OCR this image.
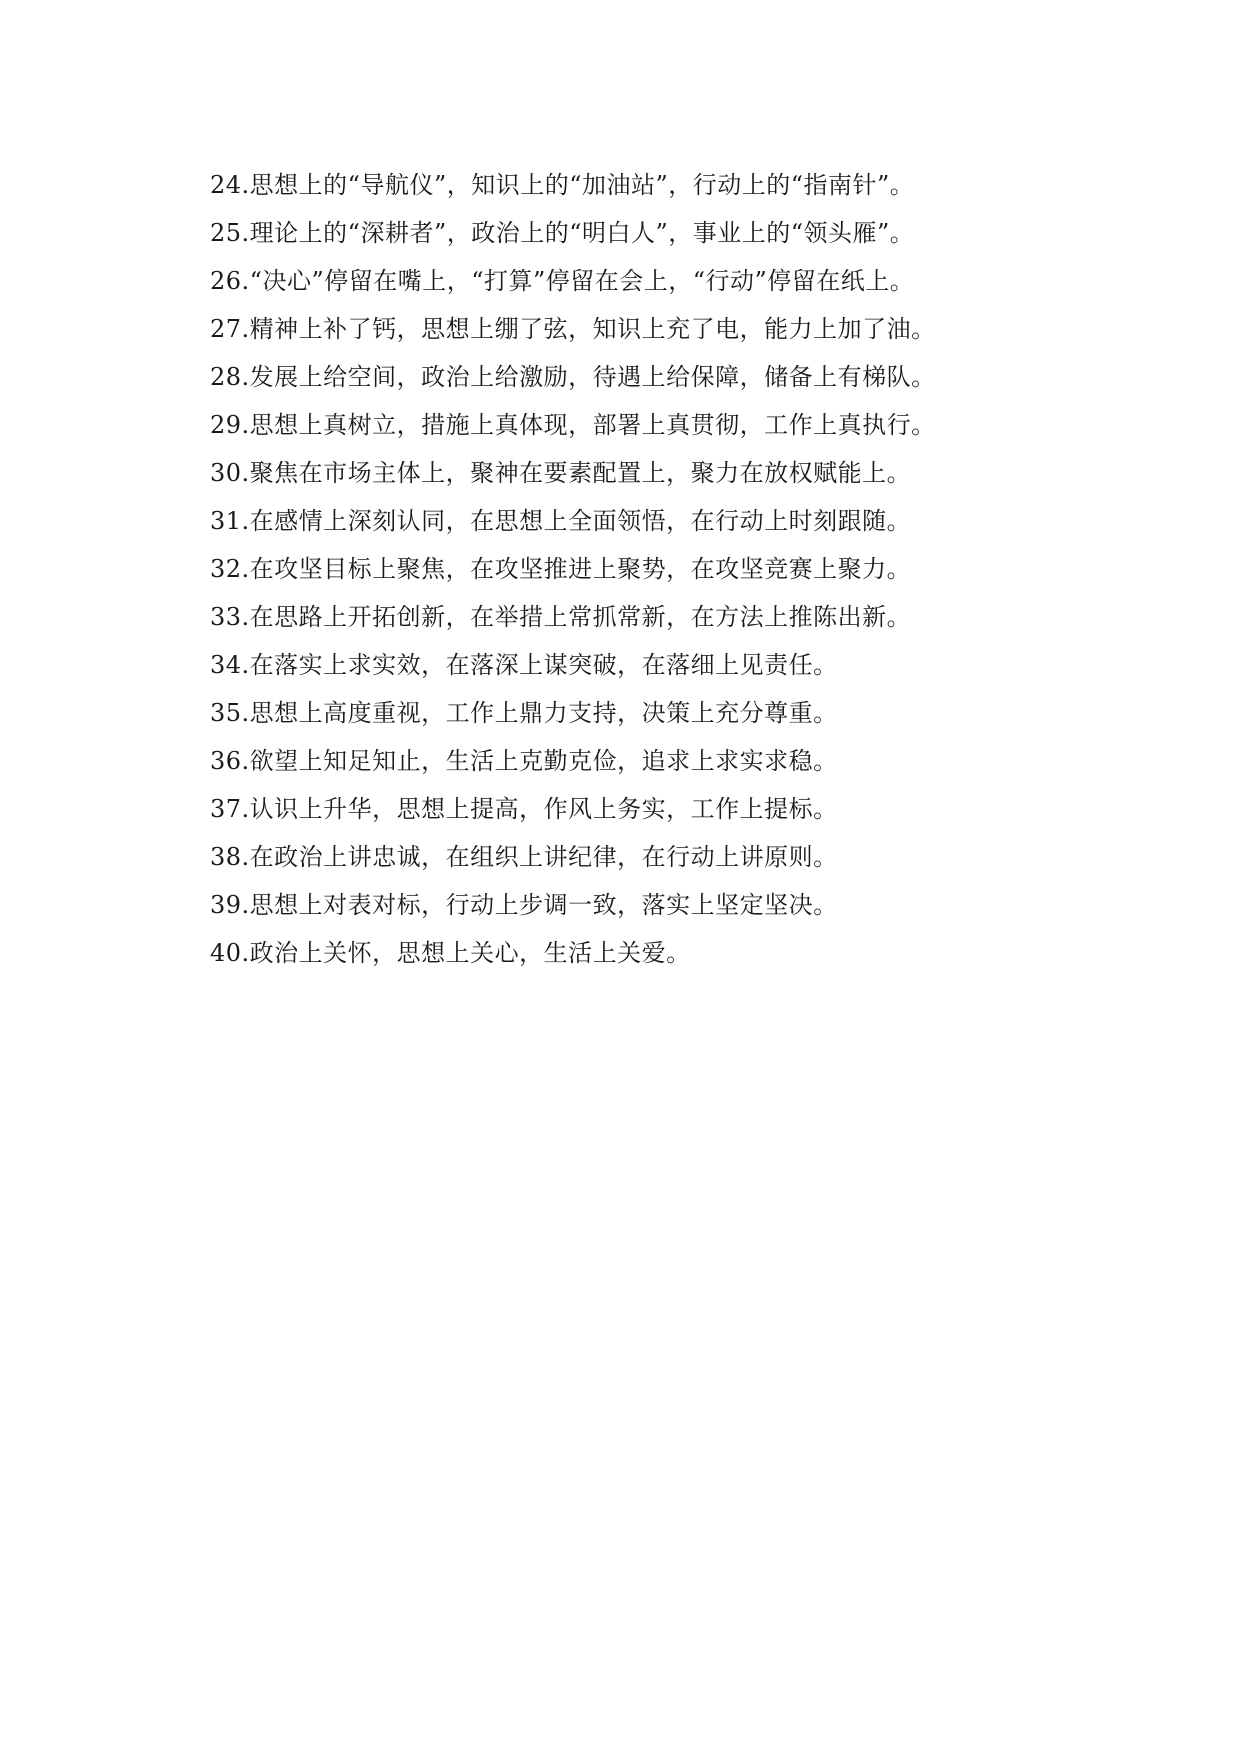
24.思想上的“导航仪”，知识上的“加油站”，行动上的“指南针”。
25.理论上的“深耕者”，政治上的“明白人”，事业上的“领头雁”。
26.“决心”停留在嘴上，“打算”停留在会上，“行动”停留在纸上。
27.精神上补了钙，思想上绷了弦，知识上充了电，能力上加了油。
28.发展上给空间，政治上给激励，待遇上给保障，储备上有梯队。
29.思想上真树立，措施上真体现，部署上真贯彻，工作上真执行。
30.聚焦在市场主体上，聚神在要素配置上，聚力在放权赋能上。
31.在感情上深刻认同，在思想上全面领悟，在行动上时刻跟随。
32.在攻坚目标上聚焦，在攻坚推进上聚势，在攻坚竞赛上聚力。
33.在思路上开拓创新，在举措上常抓常新，在方法上推陈出新。
34.在落实上求实效，在落深上谋突破，在落细上见责任。
35.思想上高度重视，工作上鼎力支持，决策上充分尊重。
36.欲望上知足知止，生活上克勤克俭，追求上求实求稳。
37.认识上升华，思想上提高，作风上务实，工作上提标。
38.在政治上讲忠诚，在组织上讲纪律，在行动上讲原则。
39.思想上对表对标，行动上步调一致，落实上坚定坚决。
40.政治上关怀，思想上关心，生活上关爱。
